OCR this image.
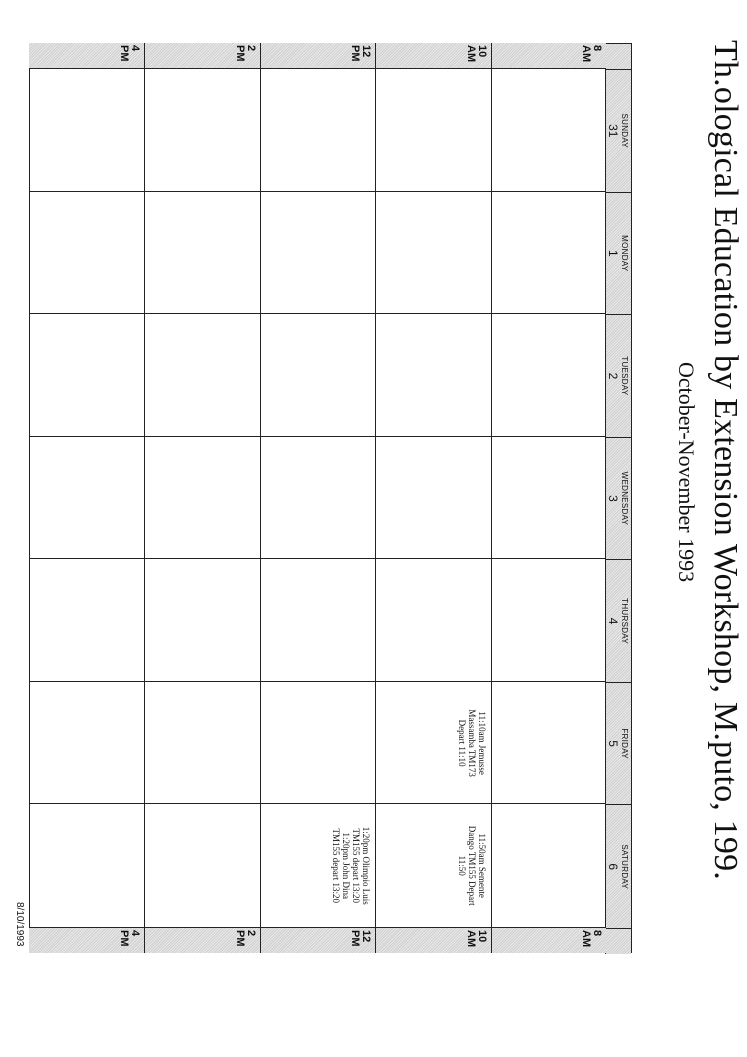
Th.ological Education by Extension Workshop, M.puto, 199.
October-November 1993
SUNDAY
31
MONDAY
1
TUESDAY
2
WEDNESDAY
3
THURSDAY
4
FRIDAY
5
SATURDAY
6
8
AM
8
AM
10
AM
10
AM
12
PM
12
PM
2
PM
2
PM
4
PM
4
PM
11:10am Jemusse
Massamba TM173
Depart 11:10
11:50am Semente
Dango TM155 Depart
11:50
1:20pm Olimpio Luis
TM155 depart 13:20
1:20pm John Dina
TM155 depart 13:20
8/10/1993
